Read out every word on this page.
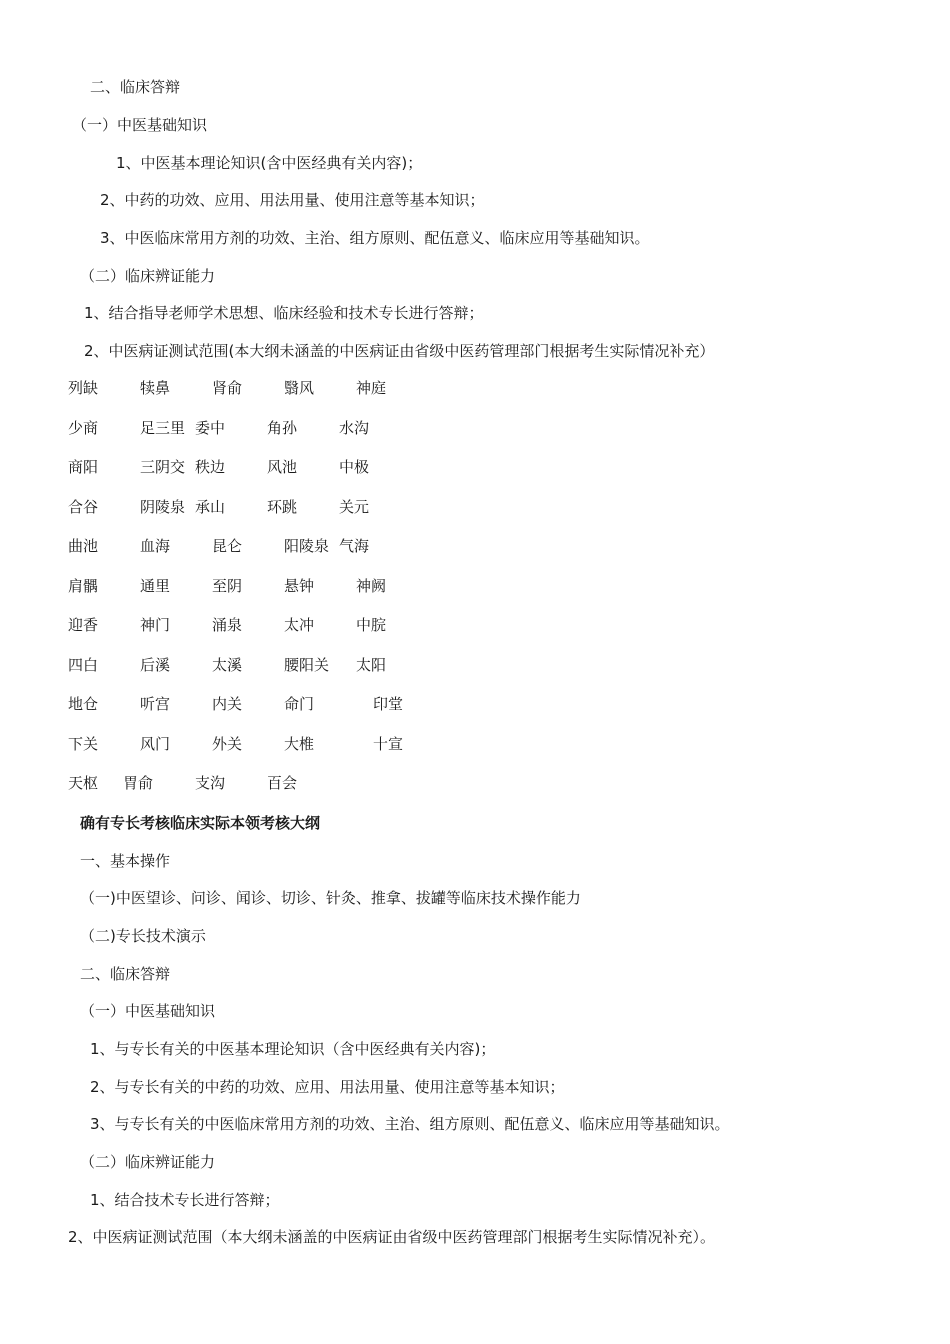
二、临床答辩
（一）中医基础知识
1、中医基本理论知识(含中医经典有关内容)；
2、中药的功效、应用、用法用量、使用注意等基本知识；
3、中医临床常用方剂的功效、主治、组方原则、配伍意义、临床应用等基础知识。
（二）临床辨证能力
1、结合指导老师学术思想、临床经验和技术专长进行答辩；
2、中医病证测试范围(本大纲未涵盖的中医病证由省级中医药管理部门根据考生实际情况补充）
列缺	犊鼻	肾俞	翳风	神庭
少商	足三里 委中	角孙	水沟
商阳	三阴交 秩边	风池	中极
合谷	阴陵泉 承山	环跳	关元
曲池	血海	昆仑	阳陵泉 气海
肩髃	通里	至阴	悬钟	神阙
迎香	神门	涌泉	太冲	中脘
四白	后溪	太溪	腰阳关 太阳
地仓	听宫	内关	命门	印堂
下关	风门	外关	大椎	十宣
天枢 胃俞	支沟	百会
确有专长考核临床实际本领考核大纲
一、基本操作
（一)中医望诊、问诊、闻诊、切诊、针灸、推拿、拔罐等临床技术操作能力
（二)专长技术演示
二、临床答辩
（一）中医基础知识
1、与专长有关的中医基本理论知识（含中医经典有关内容)；
2、与专长有关的中药的功效、应用、用法用量、使用注意等基本知识；
3、与专长有关的中医临床常用方剂的功效、主治、组方原则、配伍意义、临床应用等基础知识。
（二）临床辨证能力
1、结合技术专长进行答辩；
2、中医病证测试范围（本大纲未涵盖的中医病证由省级中医药管理部门根据考生实际情况补充）。
